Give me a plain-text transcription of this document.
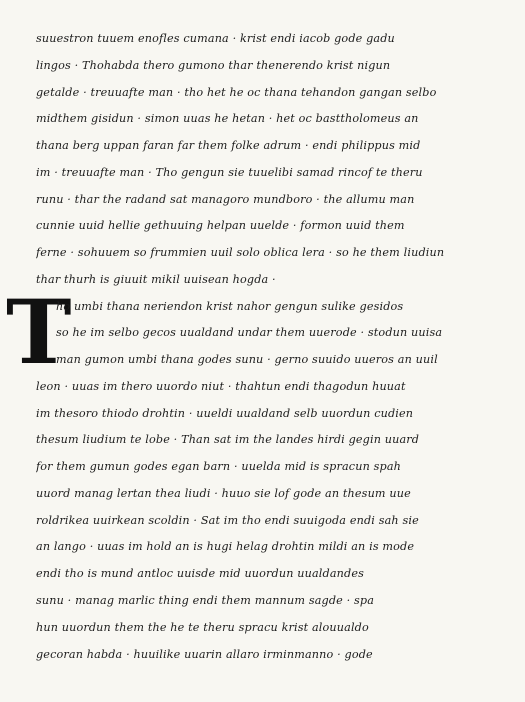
T
suuestron tuuem enofles cumana · krist endi iacob gode gadu
lingos · Thohabda thero gumono thar thenerendo krist nigun
getalde · treuuafte man · tho het he oc thana tehandon gangan selbo
midthem gisidun · simon uuas he hetan · het oc basttholomeus an
thana berg uppan faran far them folke adrum · endi philippus mid
im · treuuafte man · Tho gengun sie tuuelibi samad rincof te theru
runu · thar the radand sat managoro mundboro · the allumu man
cunnie uuid hellie gethuuing helpan uuelde · formon uuid them
ferne · sohuuem so frummien uuil solo oblica lera · so he them liudiun
thar thurh is giuuit mikil uuisean hogda ·
ho umbi thana neriendon krist nahor gengun sulike gesidos
so he im selbo gecos uualdand undar them uuerode · stodun uuisa
man gumon umbi thana godes sunu · gerno suuido uueros an uuil
leon · uuas im thero uuordo niut · thahtun endi thagodun huuat
im thesoro thiodo drohtin · uueldi uualdand selb uuordun cudien
thesum liudium te lobe · Than sat im the landes hirdi gegin uuard
for them gumun godes egan barn · uuelda mid is spracun spah
uuord manag lertan thea liudi · huuo sie lof gode an thesum uue
roldrikea uuirkean scoldin · Sat im tho endi suuigoda endi sah sie
an lango · uuas im hold an is hugi helag drohtin mildi an is mode
endi tho is mund antloc uuisde mid uuordun uualdandes
sunu · manag marlic thing endi them mannum sagde · spa
hun uuordun them the he te theru spracu krist alouualdo
gecoran habda · huuilike uuarin allaro irminmanno · gode
